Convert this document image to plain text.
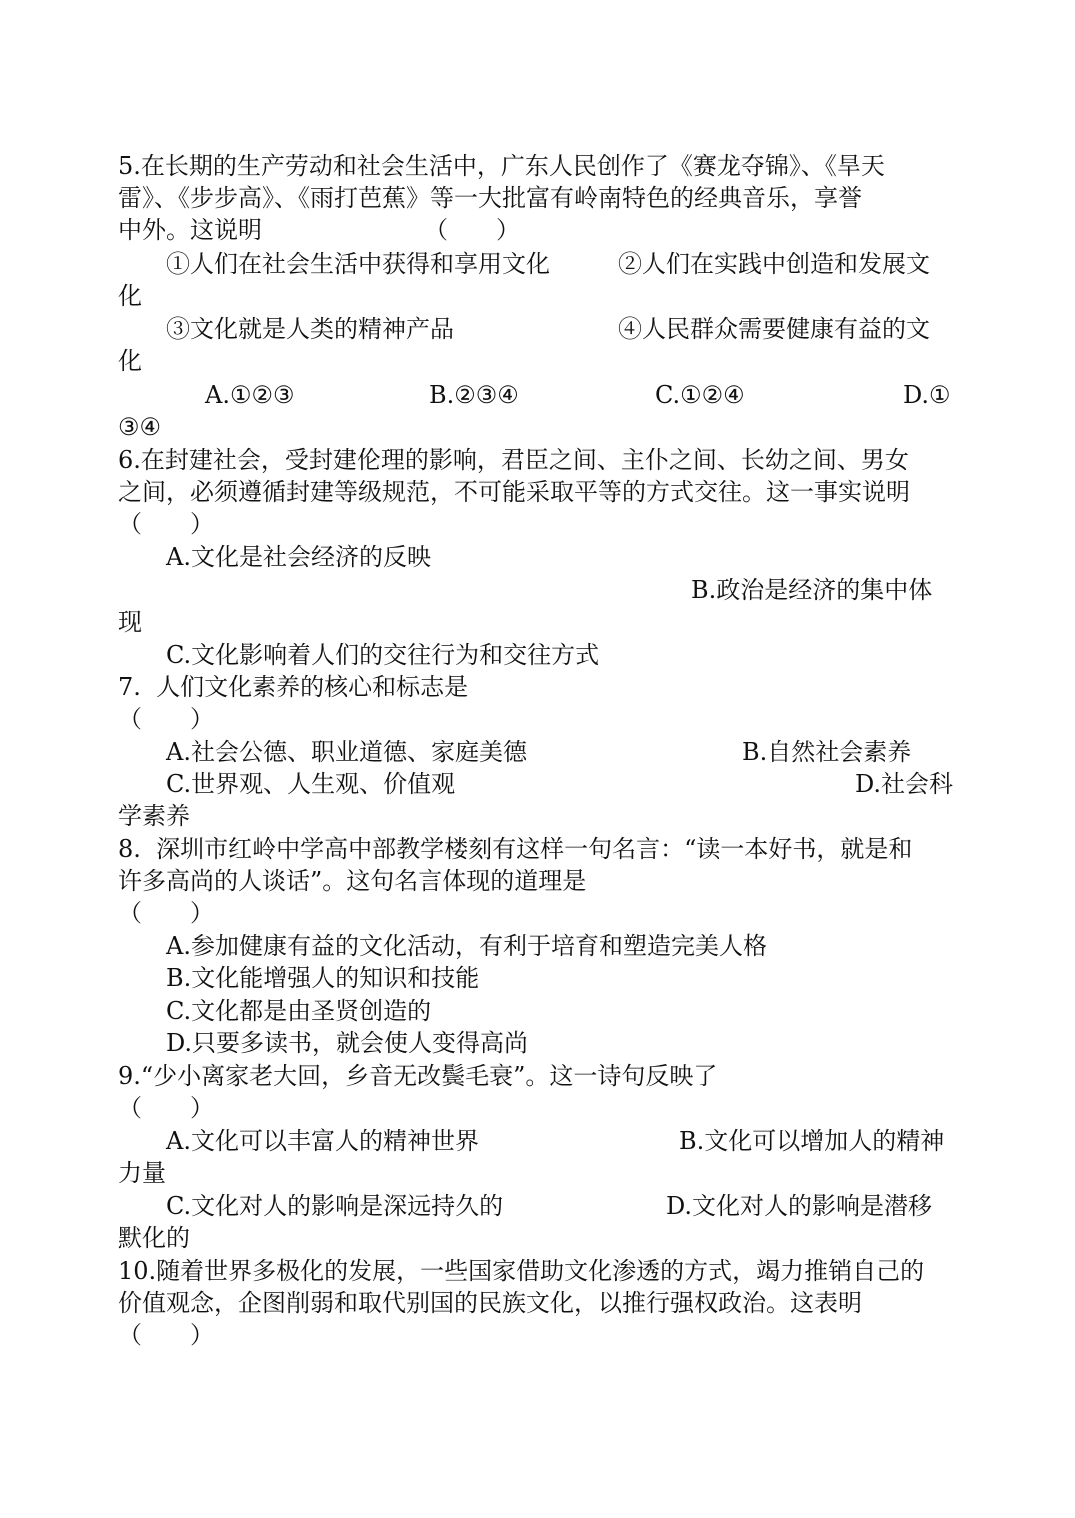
5.在长期的生产劳动和社会生活中，广东人民创作了《赛龙夺锦》、《旱天
雷》、《步步高》、《雨打芭蕉》等一大批富有岭南特色的经典音乐，享誉
中外。这说明	（　　）
①人们在社会生活中获得和享用文化	②人们在实践中创造和发展文
化
③文化就是人类的精神产品	④人民群众需要健康有益的文
化
A.①②③	B.②③④	C.①②④	D.①
③④
6.在封建社会，受封建伦理的影响，君臣之间、主仆之间、长幼之间、男女
之间，必须遵循封建等级规范，不可能采取平等的方式交往。这一事实说明
（　　）
A.文化是社会经济的反映
B.政治是经济的集中体
现
C.文化影响着人们的交往行为和交往方式
7.  人们文化素养的核心和标志是
（　　）
A.社会公德、职业道德、家庭美德	B.自然社会素养
C.世界观、人生观、价值观	D.社会科
学素养
8.  深圳市红岭中学高中部教学楼刻有这样一句名言：“读一本好书，就是和
许多高尚的人谈话”。这句名言体现的道理是
（　　）
A.参加健康有益的文化活动，有利于培育和塑造完美人格
B.文化能增强人的知识和技能
C.文化都是由圣贤创造的
D.只要多读书，就会使人变得高尚
9.“少小离家老大回，乡音无改鬓毛衰”。这一诗句反映了
（　　）
A.文化可以丰富人的精神世界	B.文化可以增加人的精神
力量
C.文化对人的影响是深远持久的	D.文化对人的影响是潜移
默化的
10.随着世界多极化的发展，一些国家借助文化渗透的方式，竭力推销自己的
价值观念，企图削弱和取代别国的民族文化，以推行强权政治。这表明
（　　）
